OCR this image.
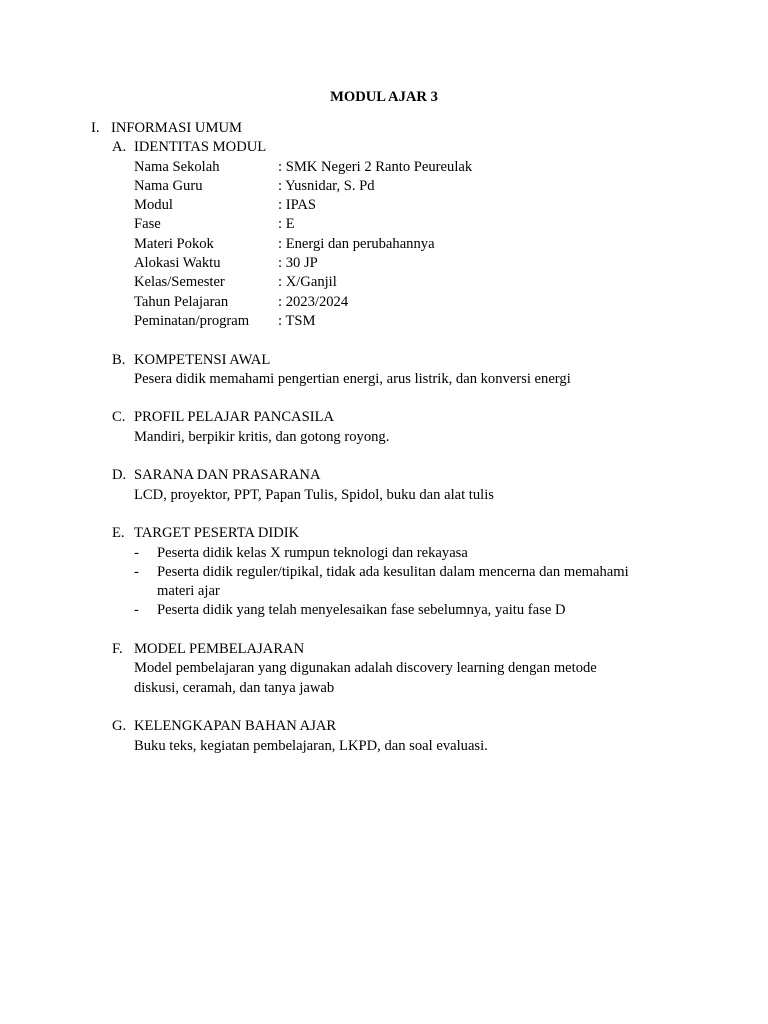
MODUL AJAR 3
I. INFORMASI UMUM
A. IDENTITAS MODUL
Nama Sekolah	: SMK Negeri 2 Ranto Peureulak
Nama Guru	: Yusnidar, S. Pd
Modul	: IPAS
Fase	: E
Materi Pokok	: Energi dan perubahannya
Alokasi Waktu	: 30 JP
Kelas/Semester	: X/Ganjil
Tahun Pelajaran	: 2023/2024
Peminatan/program : TSM
B. KOMPETENSI AWAL
Pesera didik memahami pengertian energi, arus listrik, dan konversi energi
C. PROFIL PELAJAR PANCASILA
Mandiri, berpikir kritis, dan gotong royong.
D. SARANA DAN PRASARANA
LCD, proyektor, PPT, Papan Tulis, Spidol, buku dan alat tulis
E. TARGET PESERTA DIDIK
- Peserta didik kelas X rumpun teknologi dan rekayasa
- Peserta didik reguler/tipikal, tidak ada kesulitan dalam mencerna dan memahami
materi ajar
- Peserta didik yang telah menyelesaikan fase sebelumnya, yaitu fase D
F. MODEL PEMBELAJARAN
Model pembelajaran yang digunakan adalah discovery learning dengan metode
diskusi, ceramah, dan tanya jawab
G. KELENGKAPAN BAHAN AJAR
Buku teks, kegiatan pembelajaran, LKPD, dan soal evaluasi.
